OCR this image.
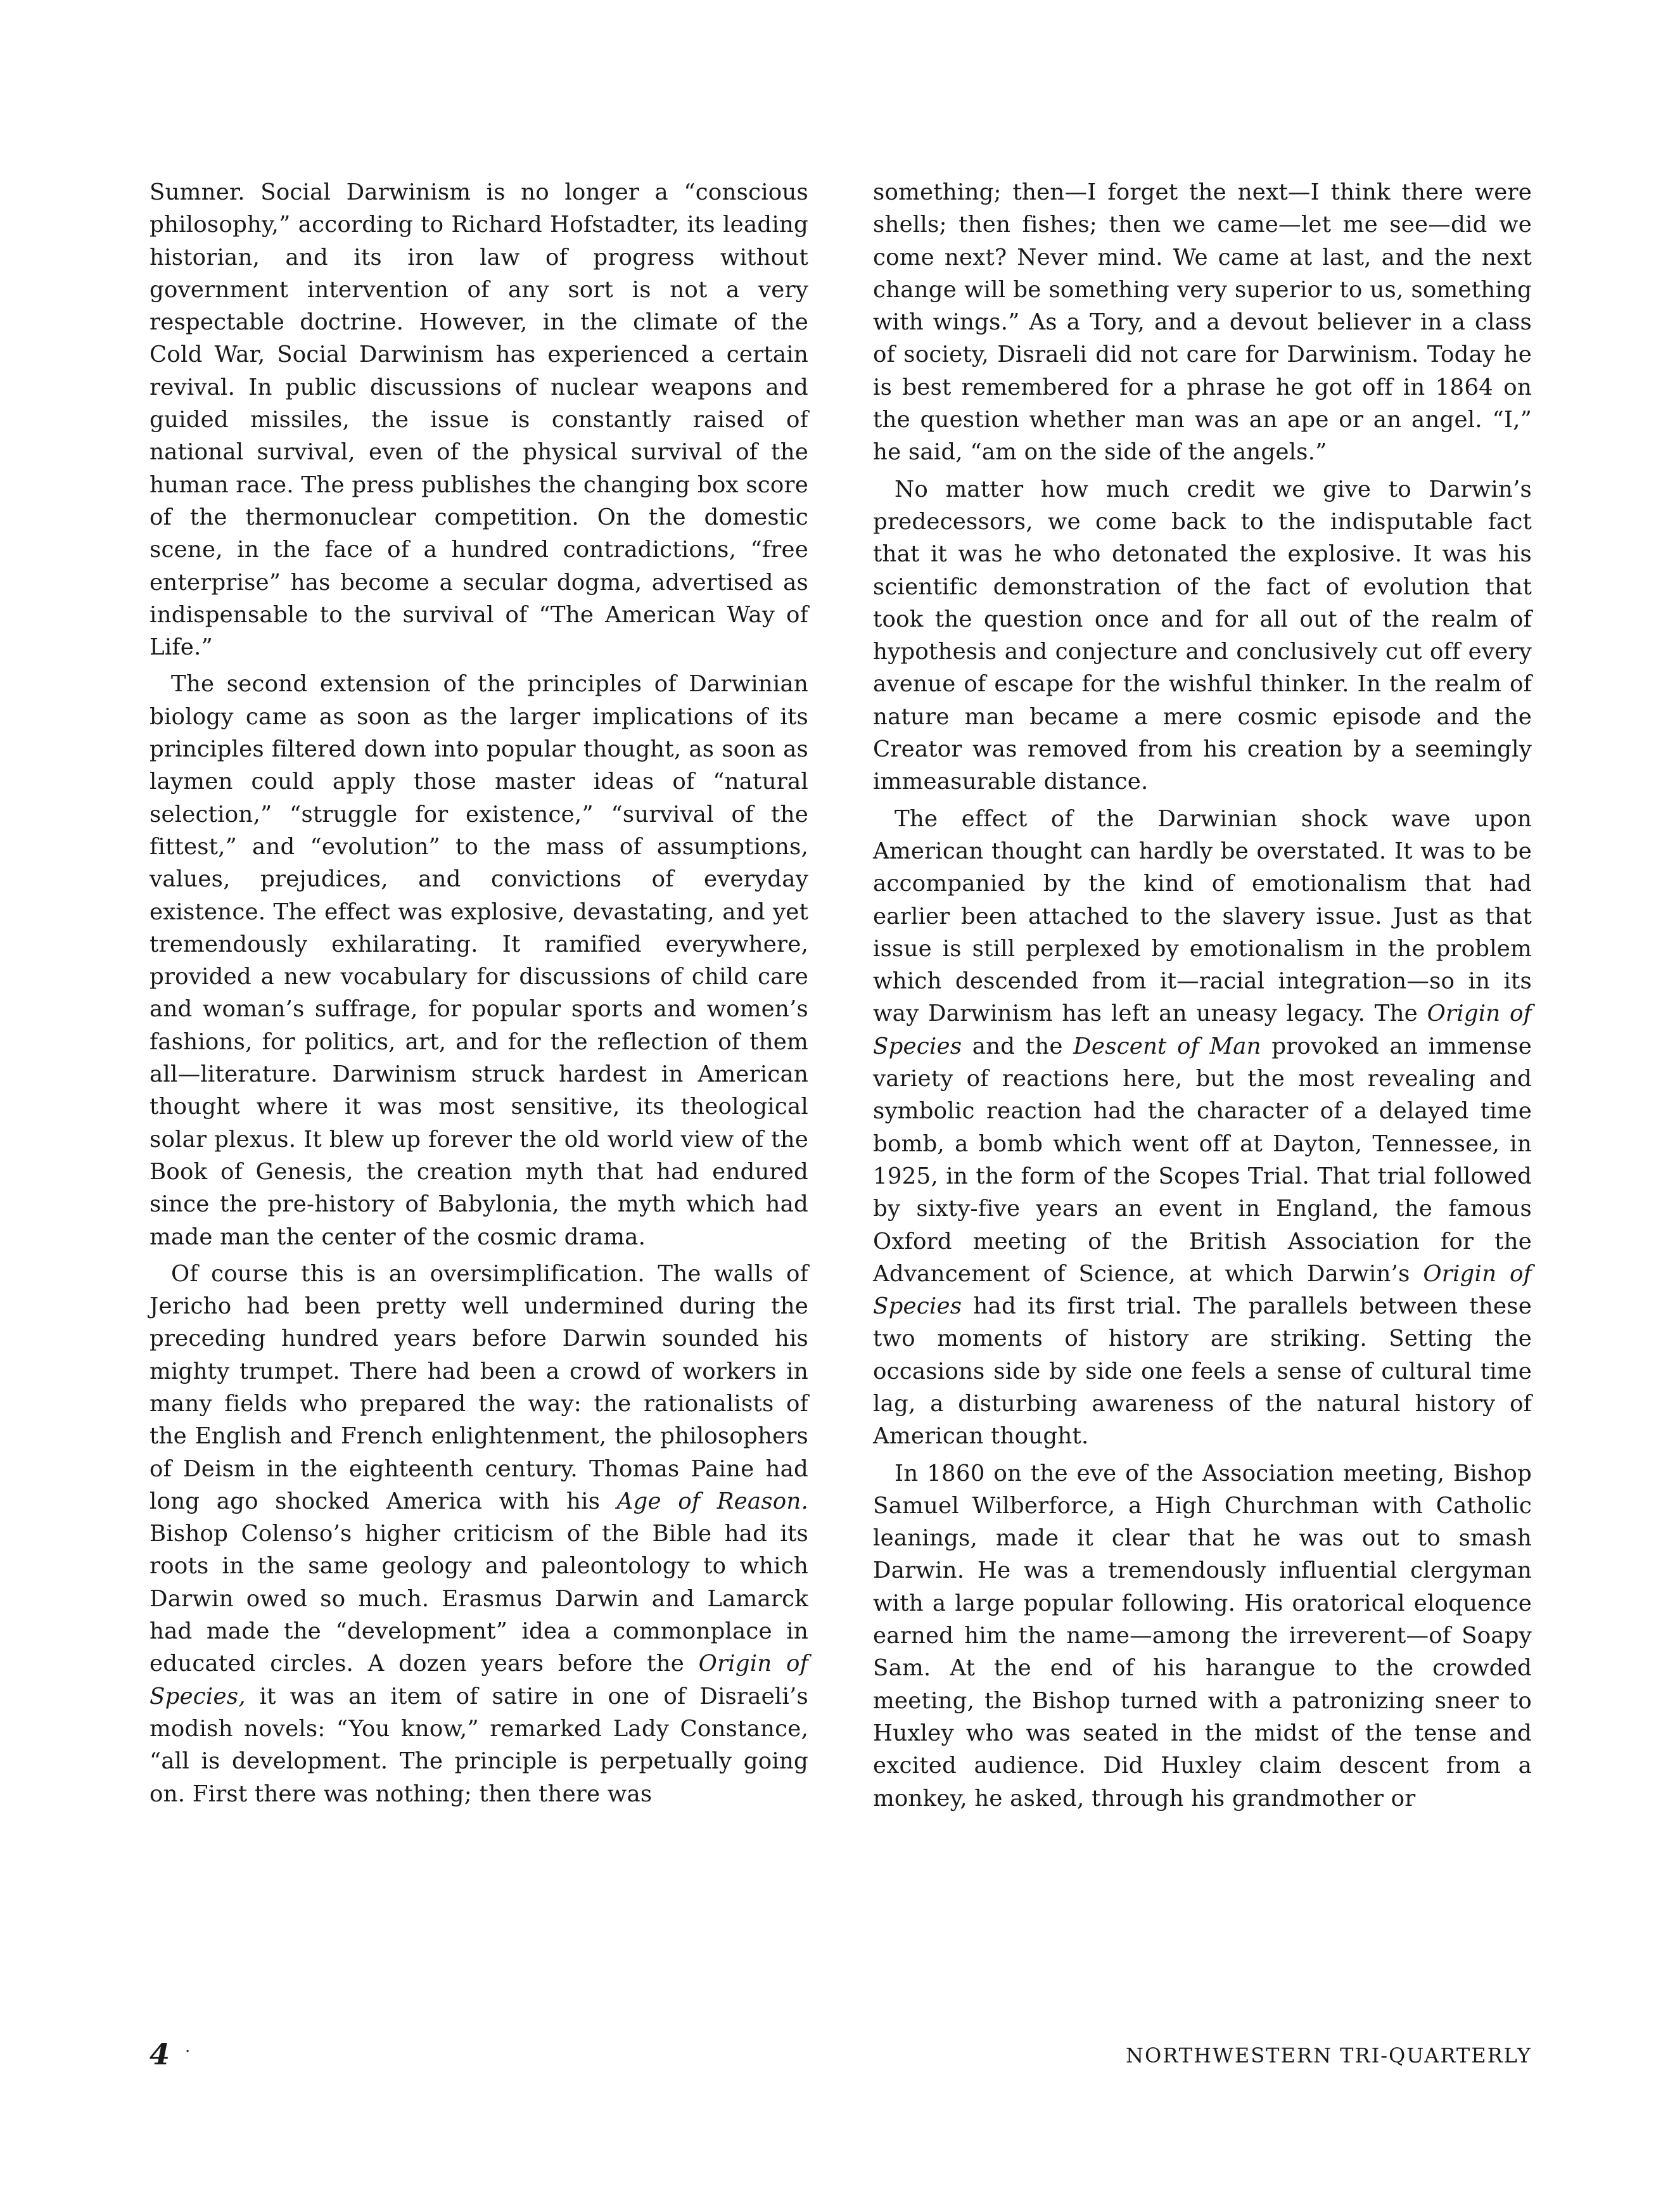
Sumner. Social Darwinism is no longer a “conscious philosophy,” according to Richard Hofstadter, its leading historian, and its iron law of progress without government intervention of any sort is not a very respectable doctrine. However, in the climate of the Cold War, Social Darwinism has experienced a certain revival. In public discussions of nuclear weapons and guided missiles, the issue is constantly raised of national survival, even of the physical survival of the human race. The press publishes the changing box score of the thermonuclear competition. On the domestic scene, in the face of a hundred contradictions, “free enterprise” has become a secular dogma, advertised as indispensable to the survival of “The American Way of Life.”

The second extension of the principles of Darwinian biology came as soon as the larger implications of its principles filtered down into popular thought, as soon as laymen could apply those master ideas of “natural selection,” “struggle for existence,” “survival of the fittest,” and “evolution” to the mass of assumptions, values, prejudices, and convictions of everyday existence. The effect was explosive, devastating, and yet tremendously exhilarating. It ramified everywhere, provided a new vocabulary for discussions of child care and woman’s suffrage, for popular sports and women’s fashions, for politics, art, and for the reflection of them all—literature. Darwinism struck hardest in American thought where it was most sensitive, its theological solar plexus. It blew up forever the old world view of the Book of Genesis, the creation myth that had endured since the pre-history of Babylonia, the myth which had made man the center of the cosmic drama.

Of course this is an oversimplification. The walls of Jericho had been pretty well undermined during the preceding hundred years before Darwin sounded his mighty trumpet. There had been a crowd of workers in many fields who prepared the way: the rationalists of the English and French enlightenment, the philosophers of Deism in the eighteenth century. Thomas Paine had long ago shocked America with his Age of Reason. Bishop Colenso’s higher criticism of the Bible had its roots in the same geology and paleontology to which Darwin owed so much. Erasmus Darwin and Lamarck had made the “development” idea a commonplace in educated circles. A dozen years before the Origin of Species, it was an item of satire in one of Disraeli’s modish novels: “You know,” remarked Lady Constance, “all is development. The principle is perpetually going on. First there was nothing; then there was

something; then—I forget the next—I think there were shells; then fishes; then we came—let me see—did we come next? Never mind. We came at last, and the next change will be something very superior to us, something with wings.” As a Tory, and a devout believer in a class of society, Disraeli did not care for Darwinism. Today he is best remembered for a phrase he got off in 1864 on the question whether man was an ape or an angel. “I,” he said, “am on the side of the angels.”

No matter how much credit we give to Darwin’s predecessors, we come back to the indisputable fact that it was he who detonated the explosive. It was his scientific demonstration of the fact of evolution that took the question once and for all out of the realm of hypothesis and conjecture and conclusively cut off every avenue of escape for the wishful thinker. In the realm of nature man became a mere cosmic episode and the Creator was removed from his creation by a seemingly immeasurable distance.

The effect of the Darwinian shock wave upon American thought can hardly be overstated. It was to be accompanied by the kind of emotionalism that had earlier been attached to the slavery issue. Just as that issue is still perplexed by emotionalism in the problem which descended from it—racial integration—so in its way Darwinism has left an uneasy legacy. The Origin of Species and the Descent of Man provoked an immense variety of reactions here, but the most revealing and symbolic reaction had the character of a delayed time bomb, a bomb which went off at Dayton, Tennessee, in 1925, in the form of the Scopes Trial. That trial followed by sixty-five years an event in England, the famous Oxford meeting of the British Association for the Advancement of Science, at which Darwin’s Origin of Species had its first trial. The parallels between these two moments of history are striking. Setting the occasions side by side one feels a sense of cultural time lag, a disturbing awareness of the natural history of American thought.

In 1860 on the eve of the Association meeting, Bishop Samuel Wilberforce, a High Churchman with Catholic leanings, made it clear that he was out to smash Darwin. He was a tremendously influential clergyman with a large popular following. His oratorical eloquence earned him the name—among the irreverent—of Soapy Sam. At the end of his harangue to the crowded meeting, the Bishop turned with a patronizing sneer to Huxley who was seated in the midst of the tense and excited audience. Did Huxley claim descent from a monkey, he asked, through his grandmother or

4 ·	NORTHWESTERN TRI-QUARTERLY
